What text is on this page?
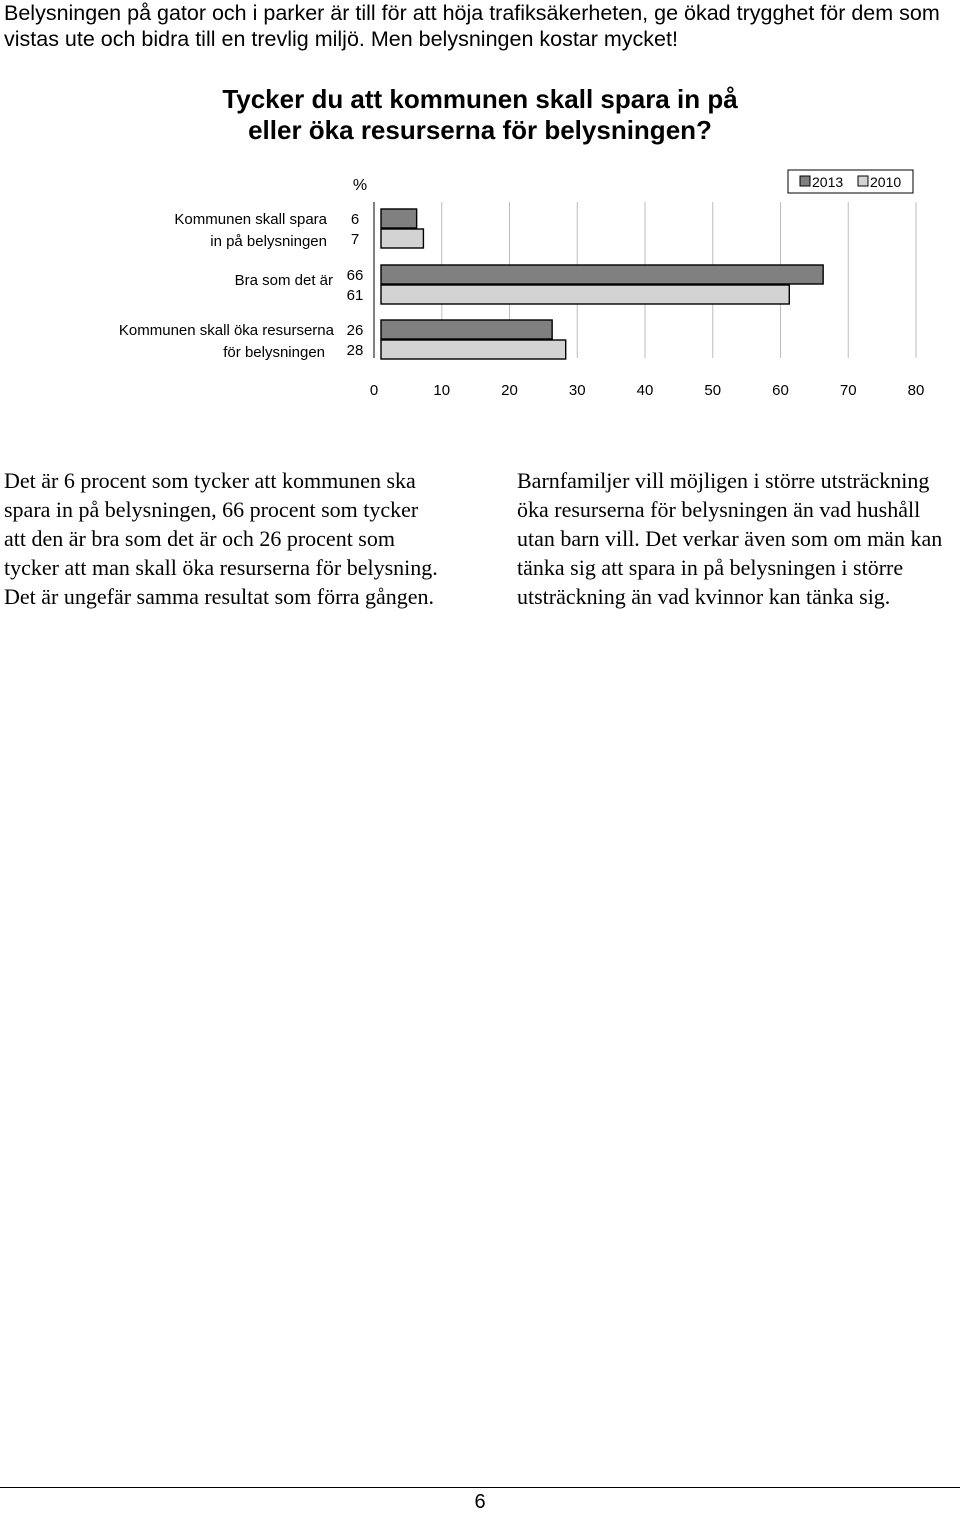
Belysningen på gator och i parker är till för att höja trafiksäkerheten, ge ökad trygghet för dem som vistas ute och bidra till en trevlig miljö. Men belysningen kostar mycket!

Tycker du att kommunen skall spara in på
eller öka resurserna för belysningen?
0	10	20	30	40	50	60	70	80
%
6
7
Kommunen skall spara
in på belysningen
66
61
Bra som det är
26
28
Kommunen skall öka resurserna
för belysningen
2013 2010

Det är 6 procent som tycker att kommunen ska spara in på belysningen, 66 procent som tycker att den är bra som det är och 26 procent som tycker att man skall öka resurserna för belysning. Det är ungefär samma resultat som förra gången.

Barnfamiljer vill möjligen i större utsträckning öka resurserna för belysningen än vad hushåll utan barn vill. Det verkar även som om män kan tänka sig att spara in på belysningen i större utsträckning än vad kvinnor kan tänka sig.

6
